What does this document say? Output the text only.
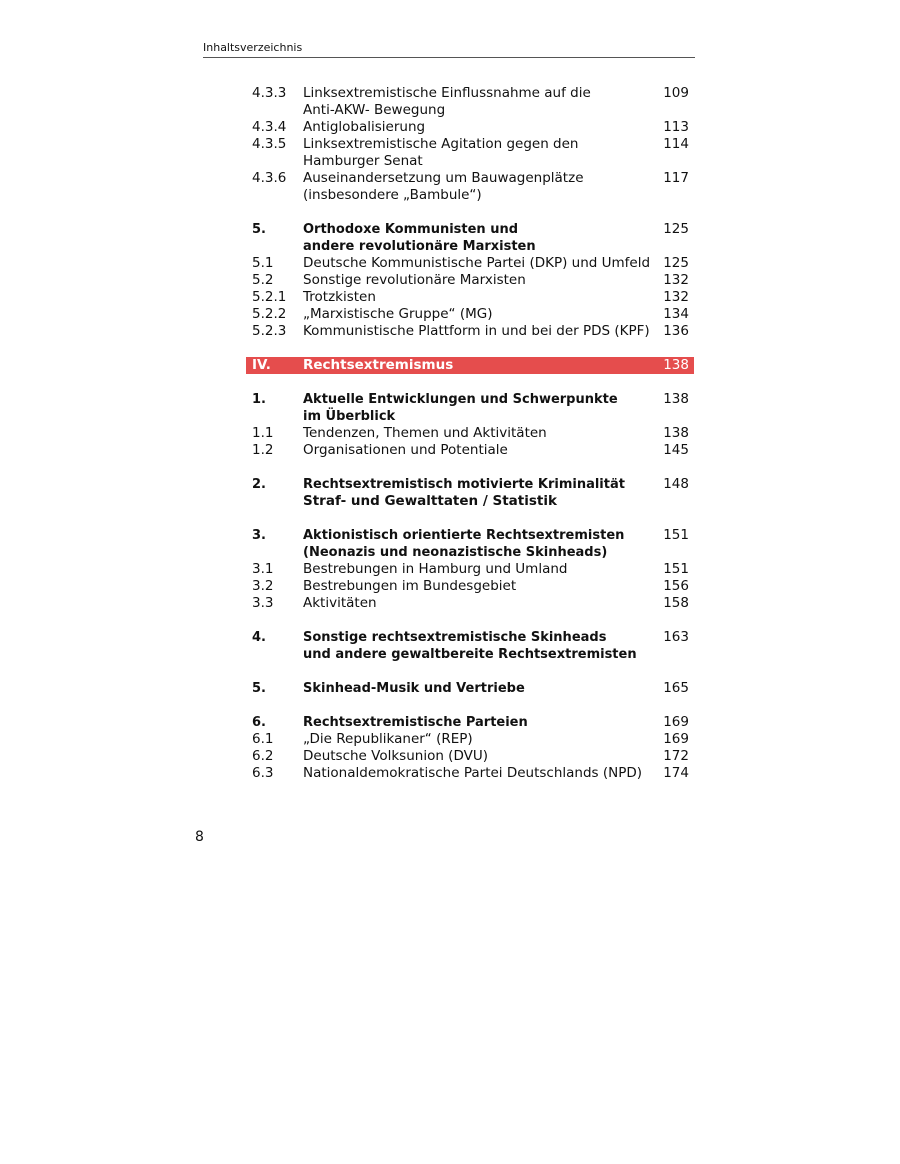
Inhaltsverzeichnis
4.3.3 Linksextremistische Einflussnahme auf die	109
Anti-AKW- Bewegung
4.3.4 Antiglobalisierung	113
4.3.5 Linksextremistische Agitation gegen den	114
Hamburger Senat
4.3.6 Auseinandersetzung um Bauwagenplätze	117
(insbesondere „Bambule“)
5.	Orthodoxe Kommunisten und	125
andere revolutionäre Marxisten
5.1 Deutsche Kommunistische Partei (DKP) und Umfeld 125
5.2 Sonstige revolutionäre Marxisten	132
5.2.1 Trotzkisten	132
5.2.2 „Marxistische Gruppe“ (MG)	134
5.2.3 Kommunistische Plattform in und bei der PDS (KPF) 136
IV. Rechtsextremismus	138
1.	Aktuelle Entwicklungen und Schwerpunkte	138
im Überblick
1.1 Tendenzen, Themen und Aktivitäten	138
1.2 Organisationen und Potentiale	145
2.	Rechtsextremistisch motivierte Kriminalität	148
Straf- und Gewalttaten / Statistik
3.	Aktionistisch orientierte Rechtsextremisten	151
(Neonazis und neonazistische Skinheads)
3.1 Bestrebungen in Hamburg und Umland	151
3.2 Bestrebungen im Bundesgebiet	156
3.3 Aktivitäten	158
4.	Sonstige rechtsextremistische Skinheads	163
und andere gewaltbereite Rechtsextremisten
5.	Skinhead-Musik und Vertriebe	165
6.	Rechtsextremistische Parteien	169
6.1 „Die Republikaner“ (REP)	169
6.2 Deutsche Volksunion (DVU)	172
6.3 Nationaldemokratische Partei Deutschlands (NPD) 174
8
